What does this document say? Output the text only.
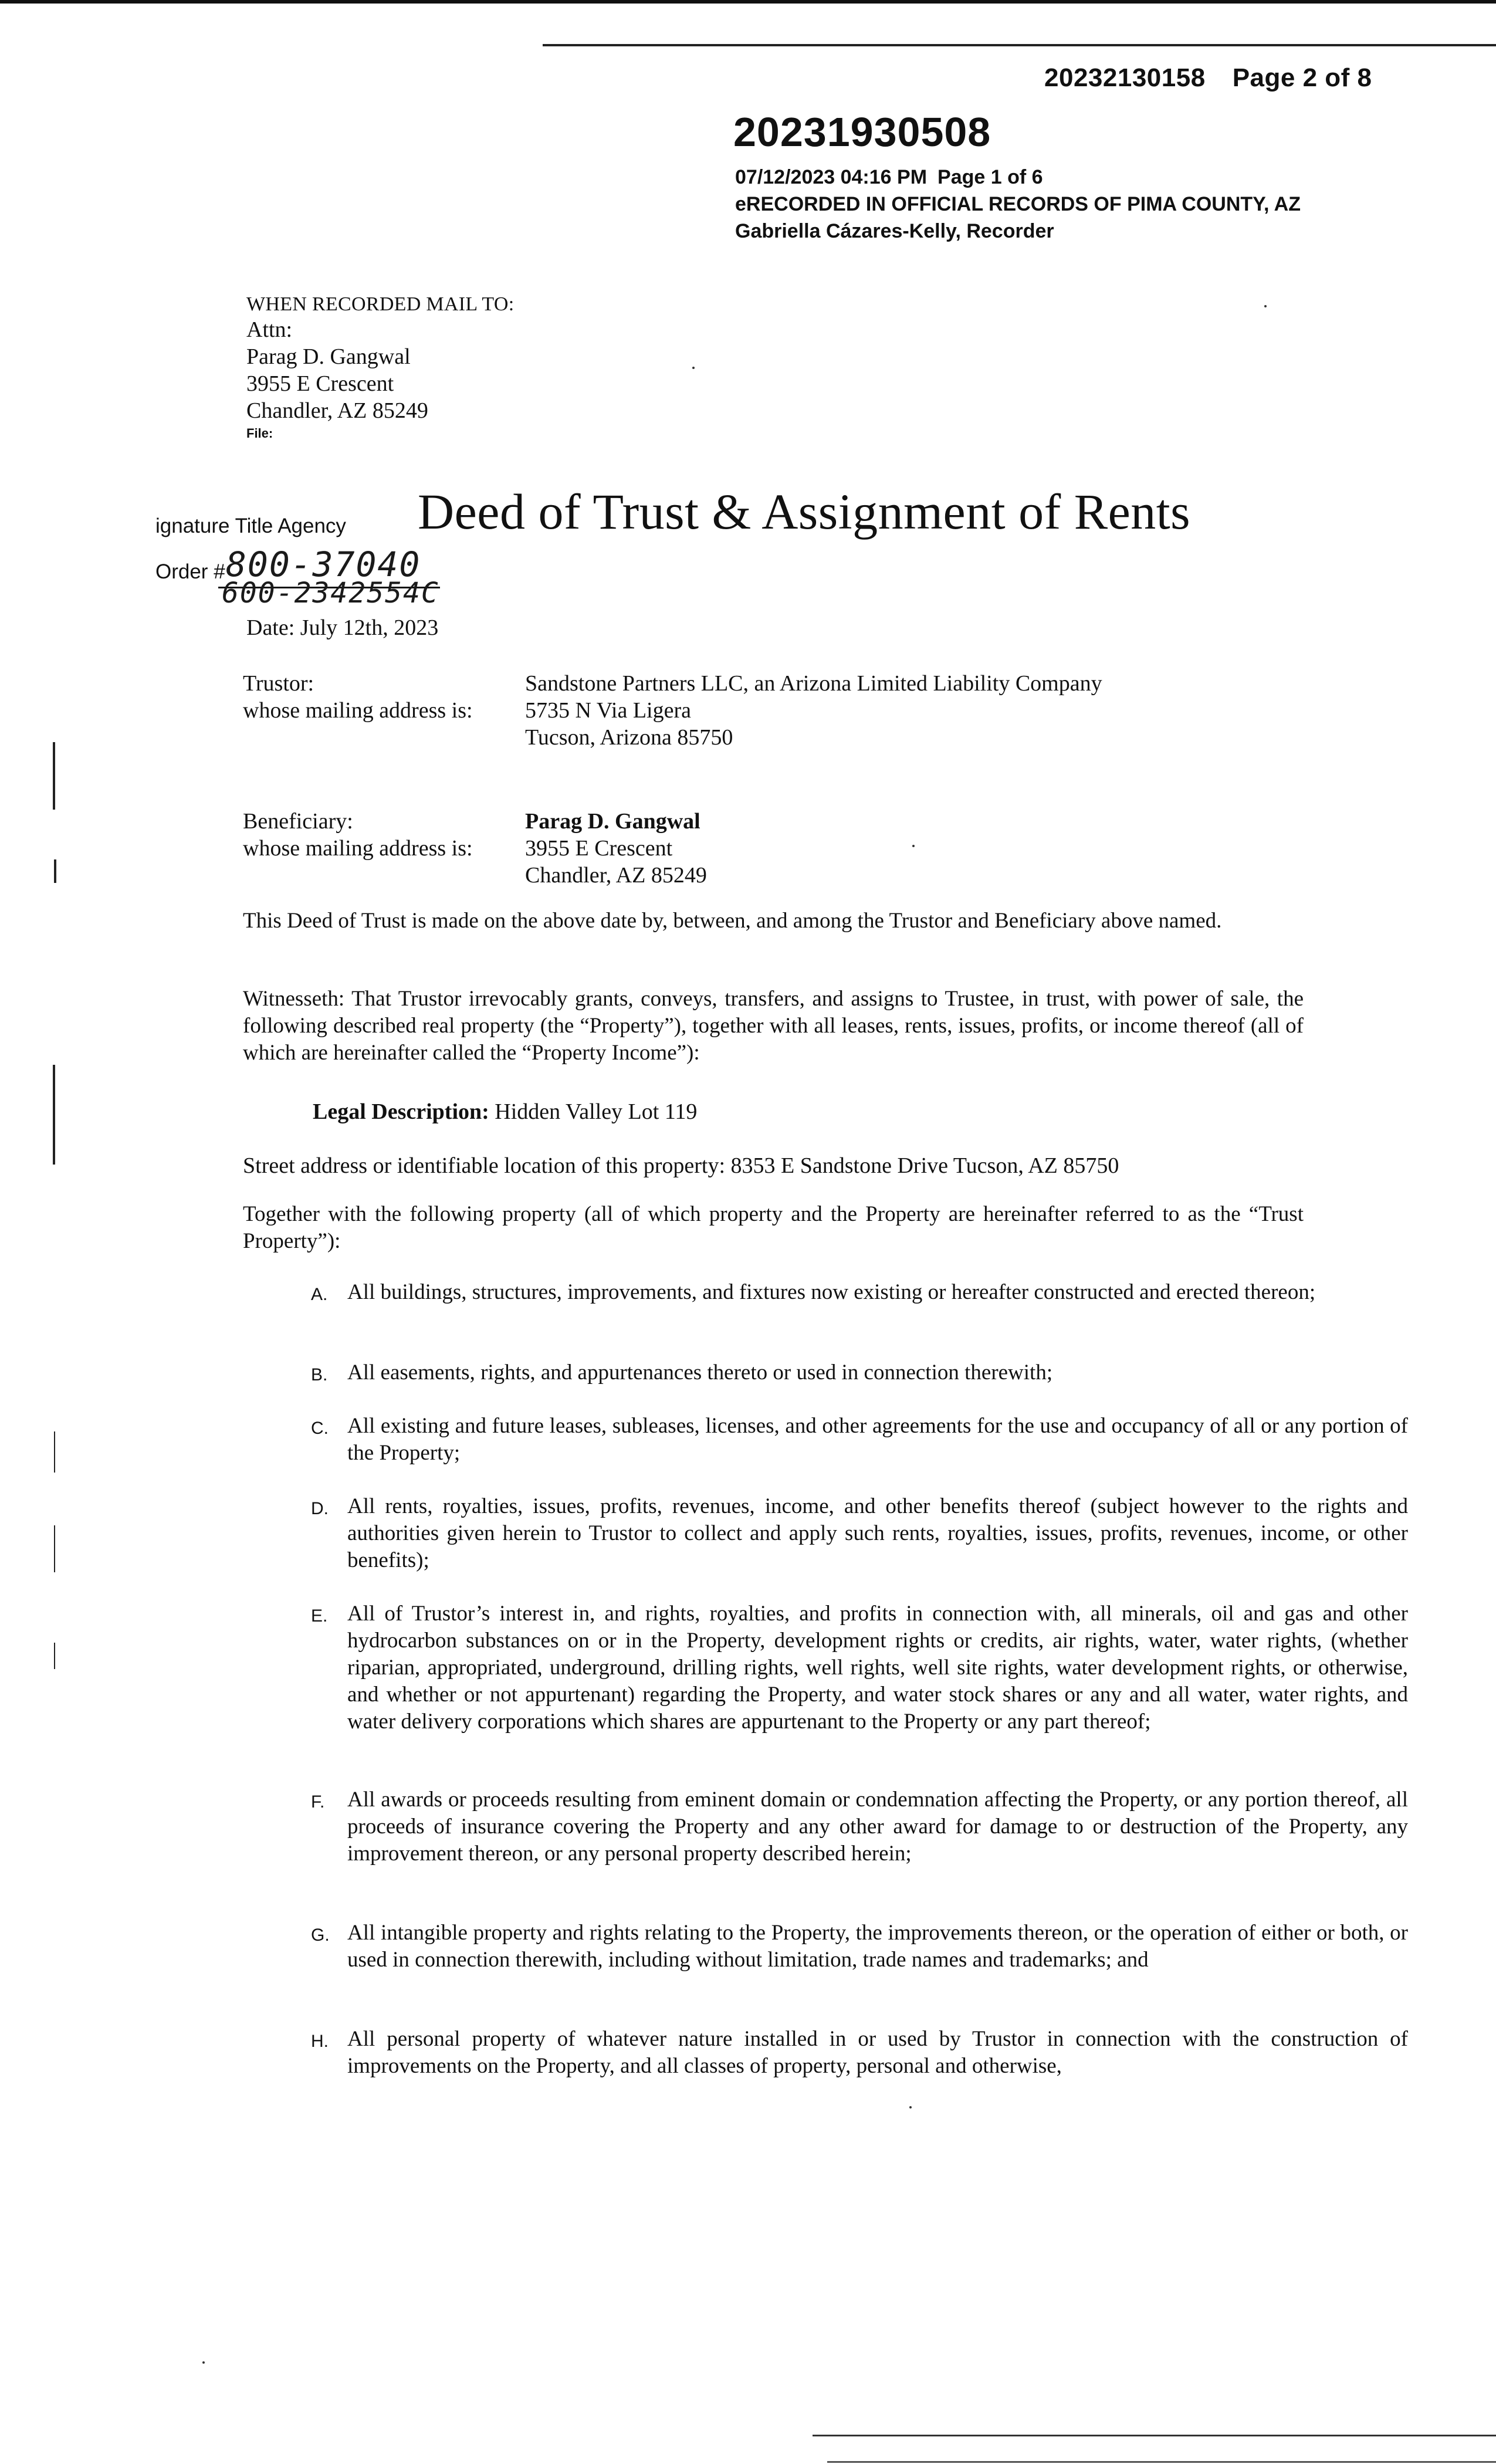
20232130158 Page 2 of 8
20231930508
07/12/2023 04:16 PM Page 1 of 6
eRECORDED IN OFFICIAL RECORDS OF PIMA COUNTY, AZ
Gabriella Cázares-Kelly, Recorder
WHEN RECORDED MAIL TO:
Attn:
Parag D. Gangwal
3955 E Crescent
Chandler, AZ 85249
File:
ignature Title Agency
Order # 800-37040
600-2342554C
Deed of Trust & Assignment of Rents
Date: July 12th, 2023
Trustor:
whose mailing address is:
Sandstone Partners LLC, an Arizona Limited Liability Company
5735 N Via Ligera
Tucson, Arizona 85750
Beneficiary:
whose mailing address is:
Parag D. Gangwal
3955 E Crescent
Chandler, AZ 85249

This Deed of Trust is made on the above date by, between, and among the Trustor and Beneficiary above named.

Witnesseth: That Trustor irrevocably grants, conveys, transfers, and assigns to Trustee, in trust, with power of sale, the following described real property (the “Property”), together with all leases, rents, issues, profits, or income thereof (all of which are hereinafter called the “Property Income”):

Legal Description: Hidden Valley Lot 119
Street address or identifiable location of this property: 8353 E Sandstone Drive Tucson, AZ 85750

Together with the following property (all of which property and the Property are hereinafter referred to as the “Trust Property”):

A. All buildings, structures, improvements, and fixtures now existing or hereafter constructed and erected thereon;
B. All easements, rights, and appurtenances thereto or used in connection therewith;
C. All existing and future leases, subleases, licenses, and other agreements for the use and occupancy of all or any portion of the Property;
D. All rents, royalties, issues, profits, revenues, income, and other benefits thereof (subject however to the rights and authorities given herein to Trustor to collect and apply such rents, royalties, issues, profits, revenues, income, or other benefits);
E. All of Trustor’s interest in, and rights, royalties, and profits in connection with, all minerals, oil and gas and other hydrocarbon substances on or in the Property, development rights or credits, air rights, water, water rights, (whether riparian, appropriated, underground, drilling rights, well rights, well site rights, water development rights, or otherwise, and whether or not appurtenant) regarding the Property, and water stock shares or any and all water, water rights, and water delivery corporations which shares are appurtenant to the Property or any part thereof;
F. All awards or proceeds resulting from eminent domain or condemnation affecting the Property, or any portion thereof, all proceeds of insurance covering the Property and any other award for damage to or destruction of the Property, any improvement thereon, or any personal property described herein;
G. All intangible property and rights relating to the Property, the improvements thereon, or the operation of either or both, or used in connection therewith, including without limitation, trade names and trademarks; and
H. All personal property of whatever nature installed in or used by Trustor in connection with the construction of improvements on the Property, and all classes of property, personal and otherwise,
